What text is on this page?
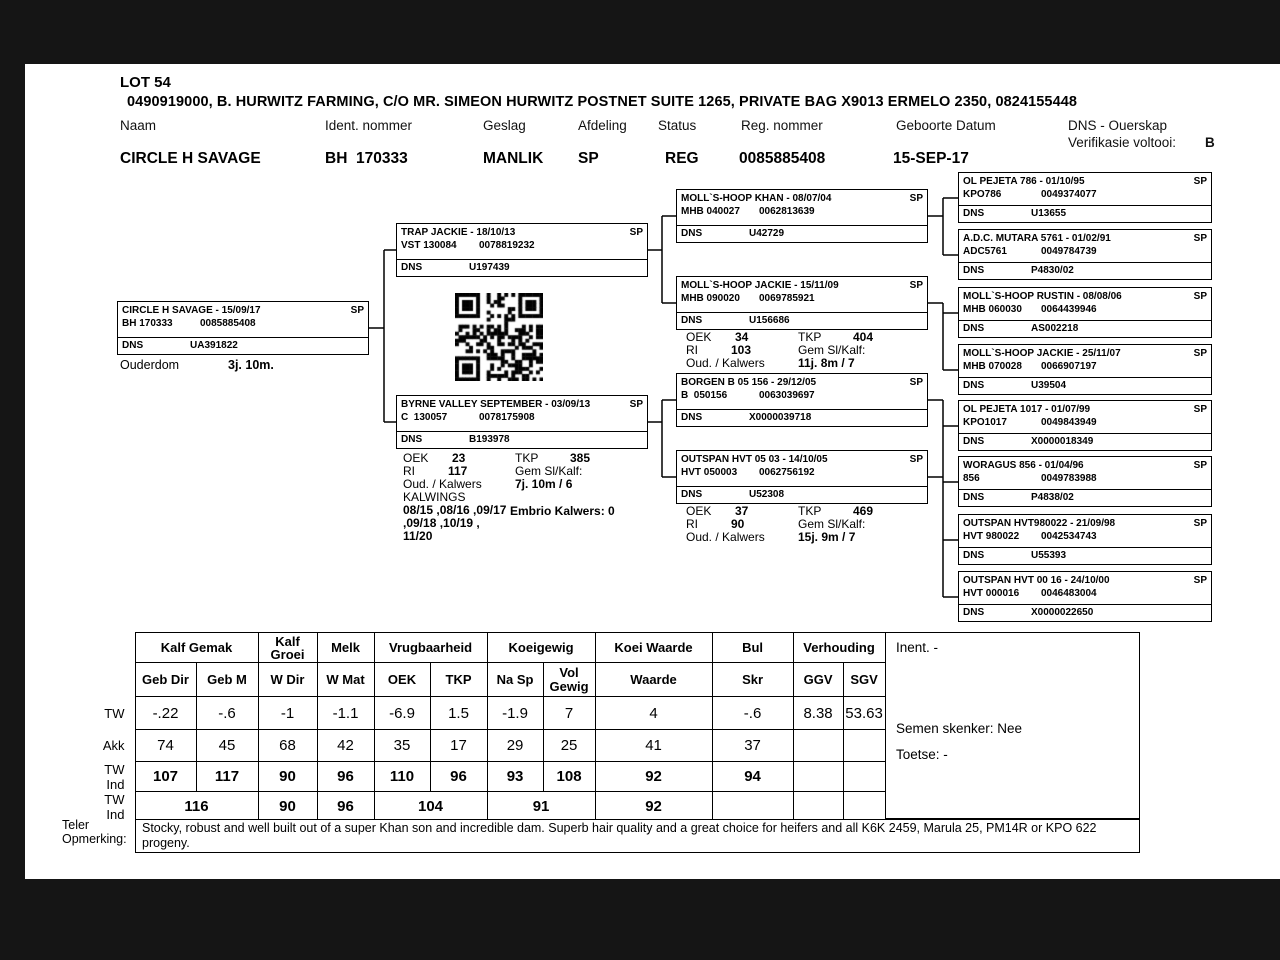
LOT 54
0490919000, B. HURWITZ FARMING, C/O MR. SIMEON HURWITZ POSTNET SUITE 1265, PRIVATE BAG X9013 ERMELO 2350, 0824155448
Naam	Ident. nommer	Geslag	Afdeling Status	Reg. nommer	Geboorte Datum	DNS - Ouerskap
Verifikasie voltooi: B
CIRCLE H SAVAGE	BH  170333	MANLIK SP	REG	0085885408	15-SEP-17
CIRCLE H SAVAGE - 15/09/17	SP
BH 170333	0085885408
DNS	UA391822
Ouderdom	3j. 10m.
TRAP JACKIE - 18/10/13	SP
VST 130084	0078819232
DNS	U197439
BYRNE VALLEY SEPTEMBER - 03/09/13	SP
C  130057	0078175908
DNS	B193978
OEK	23	TKP	385
RI	117	Gem Sl/Kalf:
Oud. / Kalwers	7j. 10m / 6
KALWINGS
08/15 ,08/16 ,09/17
,09/18 ,10/19 ,
11/20
Embrio Kalwers: 0
MOLL`S-HOOP KHAN - 08/07/04	SP
MHB 040027	0062813639
DNS	U42729
MOLL`S-HOOP JACKIE - 15/11/09	SP
MHB 090020	0069785921
DNS	U156686
OEK	34	TKP	404
RI	103	Gem Sl/Kalf:
Oud. / Kalwers	11j. 8m / 7
BORGEN B 05 156 - 29/12/05	SP
B  050156	0063039697
DNS	X0000039718
OUTSPAN HVT 05 03 - 14/10/05	SP
HVT 050003	0062756192
DNS	U52308
OEK	37	TKP	469
RI	90	Gem Sl/Kalf:
Oud. / Kalwers	15j. 9m / 7
OL PEJETA 786 - 01/10/95	SP
KPO786	0049374077
DNS	U13655
A.D.C. MUTARA 5761 - 01/02/91	SP
ADC5761	0049784739
DNS	P4830/02
MOLL`S-HOOP RUSTIN - 08/08/06	SP
MHB 060030	0064439946
DNS	AS002218
MOLL`S-HOOP JACKIE - 25/11/07	SP
MHB 070028	0066907197
DNS	U39504
OL PEJETA 1017 - 01/07/99	SP
KPO1017	0049843949
DNS	X0000018349
WORAGUS 856 - 01/04/96	SP
856	0049783988
DNS	P4838/02
OUTSPAN HVT980022 - 21/09/98	SP
HVT 980022	0042534743
DNS	U55393
OUTSPAN HVT 00 16 - 24/10/00	SP
HVT 000016	0046483004
DNS	X0000022650
	Kalf Gemak		Kalf Groei	Melk	Vrugbaarheid		Koeigewig		Koei Waarde	Bul	Verhouding	
	Geb Dir	Geb M	W Dir	W Mat	OEK	TKP	Na Sp	Vol Gewig	Waarde	Skr	GGV	SGV
TW	-.22	-.6	-1	-1.1	-6.9	1.5	-1.9	7	4	-.6	8.38	53.63
Akk	74	45	68	42	35	17	29	25	41	37		
TW Ind	107	117	90	96	110	96	93	108	92	94		
TW Ind	116		90	96	104		91		92			
Inent. -
Semen skenker: Nee
Toetse: -
Teler
Opmerking:
Stocky, robust and well built out of a super Khan son and incredible dam. Superb hair quality and a great choice for heifers and all K6K 2459, Marula 25, PM14R or KPO 622 progeny.
